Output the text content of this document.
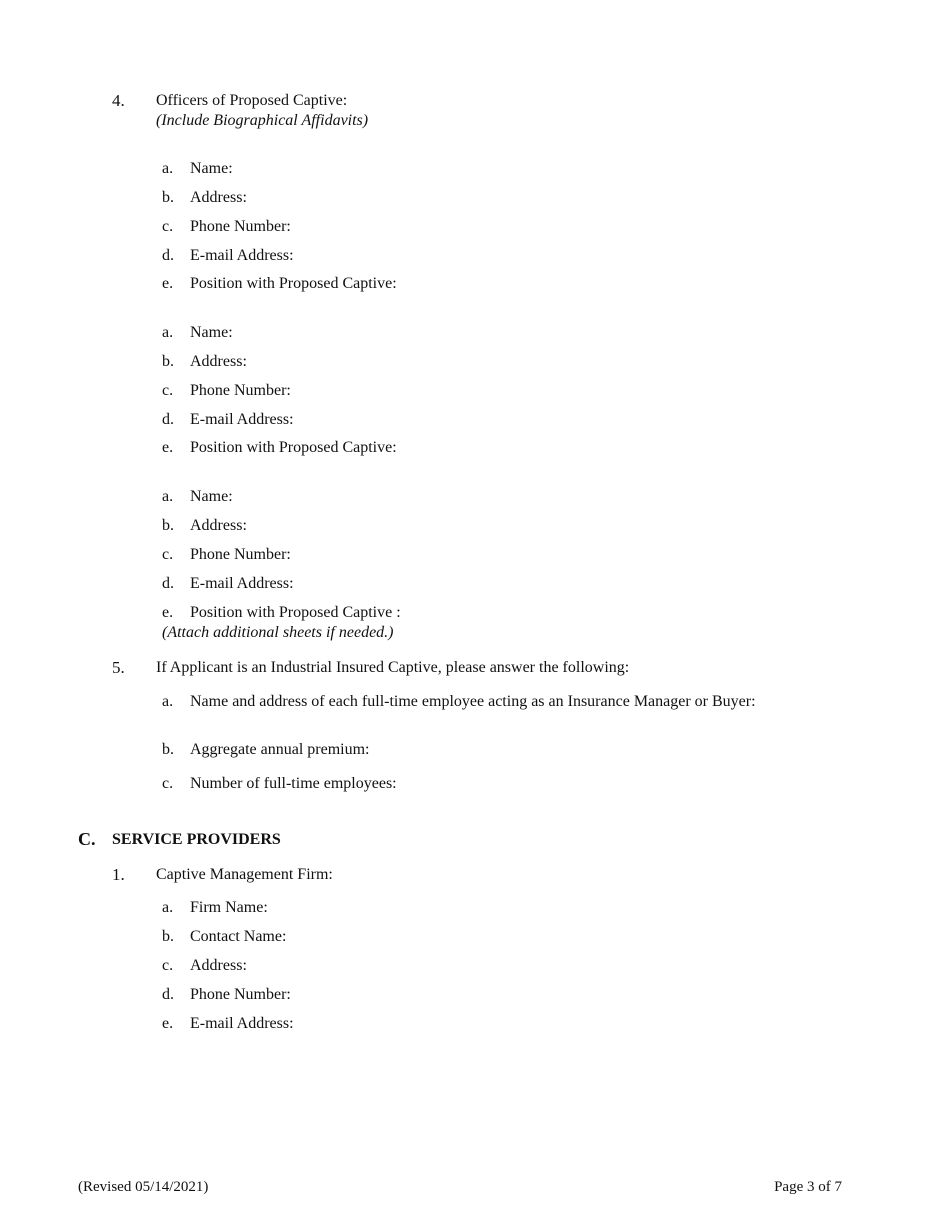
4. Officers of Proposed Captive:
(Include Biographical Affidavits)
a. Name:
b. Address:
c. Phone Number:
d. E-mail Address:
e. Position with Proposed Captive:
a. Name:
b. Address:
c. Phone Number:
d. E-mail Address:
e. Position with Proposed Captive:
a. Name:
b. Address:
c. Phone Number:
d. E-mail Address:
e. Position with Proposed Captive :
(Attach additional sheets if needed.)
5. If Applicant is an Industrial Insured Captive, please answer the following:
a. Name and address of each full-time employee acting as an Insurance Manager or Buyer:
b. Aggregate annual premium:
c. Number of full-time employees:
C. SERVICE PROVIDERS
1. Captive Management Firm:
a. Firm Name:
b. Contact Name:
c. Address:
d. Phone Number:
e. E-mail Address:
(Revised 05/14/2021)	Page 3 of 7
